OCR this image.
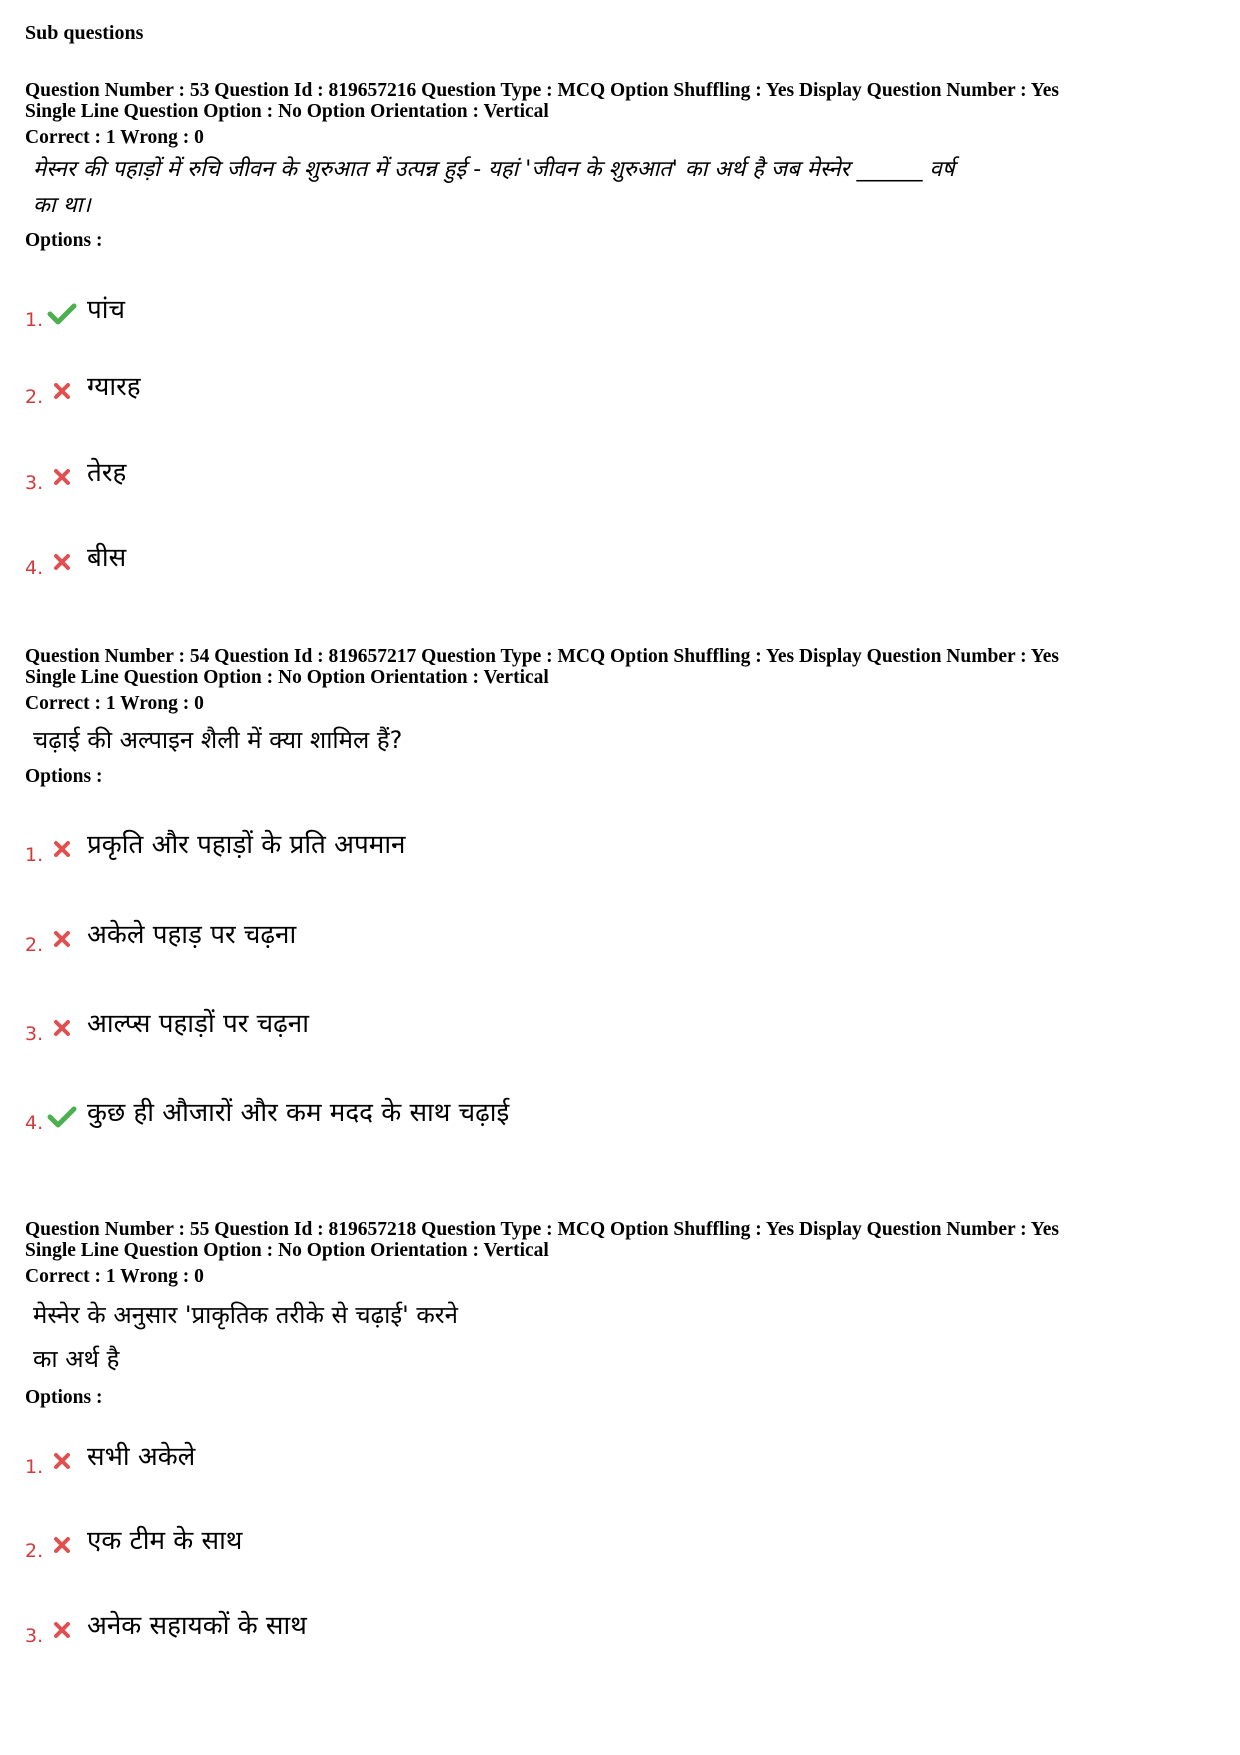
Sub questions
Question Number : 53 Question Id : 819657216 Question Type : MCQ Option Shuffling : Yes Display Question Number : Yes
Single Line Question Option : No Option Orientation : Vertical
Correct : 1 Wrong : 0
मेस्नर की पहाड़ों में रुचि जीवन के शुरुआत में उत्पन्न हुई - यहां 'जीवन के शुरुआत' का अर्थ है जब मेस्नेर ______ वर्ष
का था।
Options :
1. पांच
2. ग्यारह
3. तेरह
4. बीस
Question Number : 54 Question Id : 819657217 Question Type : MCQ Option Shuffling : Yes Display Question Number : Yes
Single Line Question Option : No Option Orientation : Vertical
Correct : 1 Wrong : 0
चढ़ाई की अल्पाइन शैली में क्या शामिल हैं?
Options :
1. प्रकृति और पहाड़ों के प्रति अपमान
2. अकेले पहाड़ पर चढ़ना
3. आल्प्स पहाड़ों पर चढ़ना
4. कुछ ही औजारों और कम मदद के साथ चढ़ाई
Question Number : 55 Question Id : 819657218 Question Type : MCQ Option Shuffling : Yes Display Question Number : Yes
Single Line Question Option : No Option Orientation : Vertical
Correct : 1 Wrong : 0
मेस्नेर के अनुसार 'प्राकृतिक तरीके से चढ़ाई' करने
का अर्थ है
Options :
1. सभी अकेले
2. एक टीम के साथ
3. अनेक सहायकों के साथ
